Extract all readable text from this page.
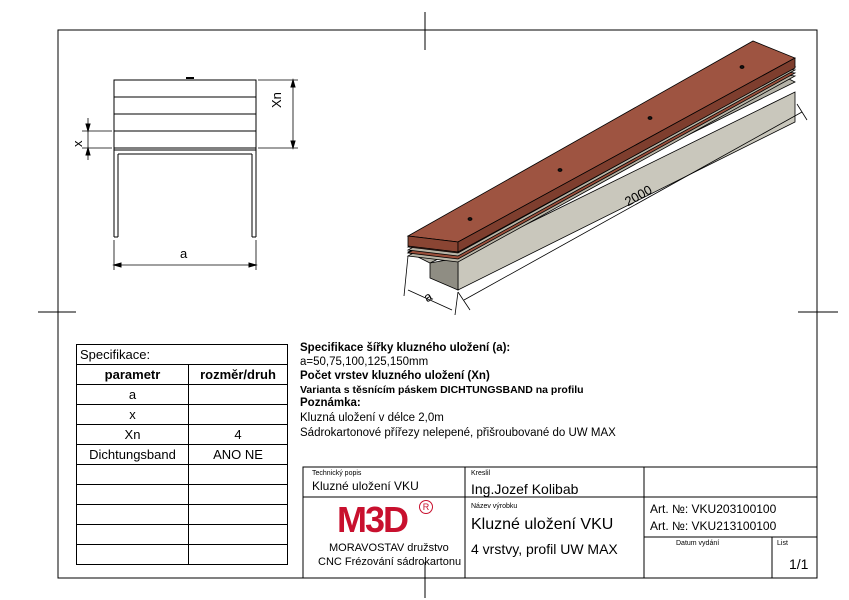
a
Xn
x
2000
a
Specifikace šířky kluzného uložení (a):
a=50,75,100,125,150mm
Počet vrstev kluzného uložení (Xn)
Varianta s těsnícím páskem DICHTUNGSBAND na profilu
Poznámka:
Kluzná uložení v délce 2,0m
Sádrokartonové přířezy nelepené, přišroubované do UW MAX
Specifikace:	
parametr	rozměr/druh
a	
x	
Xn	4
Dichtungsband	ANO NE

Technický popis
Kluzné uložení VKU
Kreslil
Ing.Jozef Kolibab
M3D	R
MORAVOSTAV družstvo
CNC Frézování sádrokartonu
Název výrobku
Kluzné uložení VKU
4 vrstvy, profil UW MAX
Art. №: VKU203100100
Art. №: VKU213100100
Datum vydání	List
1/1
